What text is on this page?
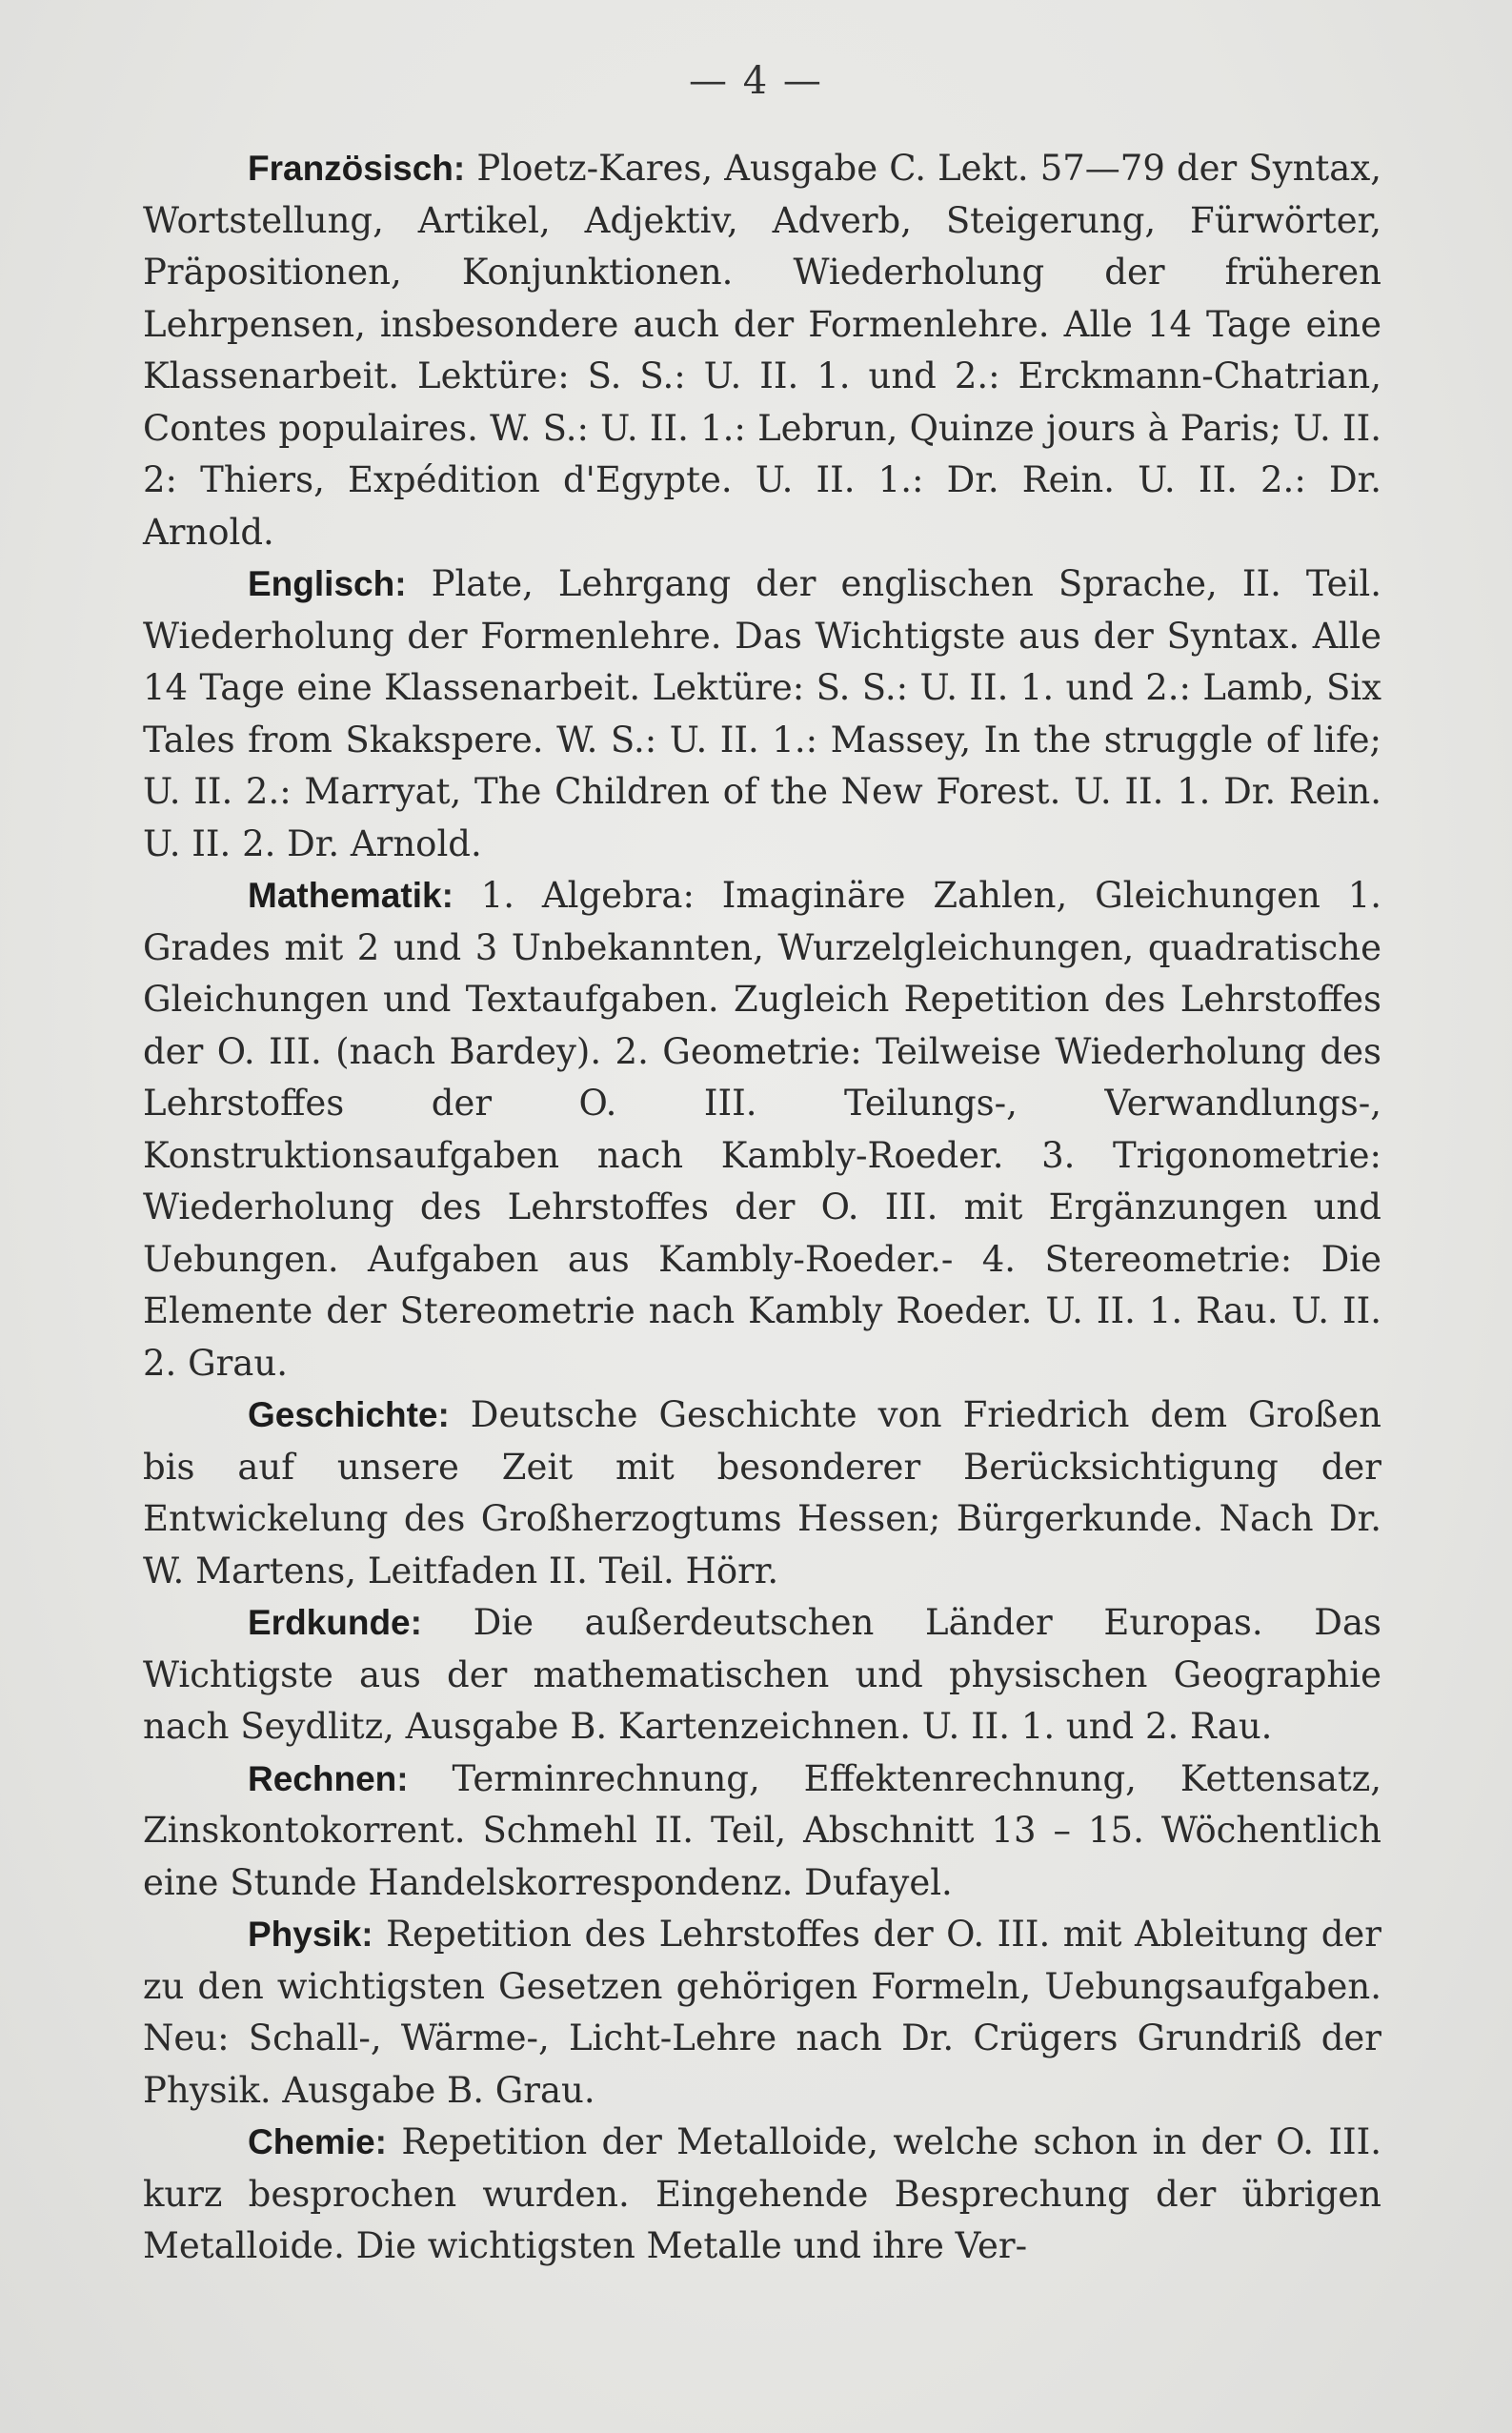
— 4 —

Französisch: Ploetz-Kares, Ausgabe C. Lekt. 57—79 der Syntax, Wortstellung, Artikel, Adjektiv, Adverb, Steigerung, Fürwörter, Präpositionen, Konjunktionen. Wiederholung der früheren Lehrpensen, insbesondere auch der Formenlehre. Alle 14 Tage eine Klassenarbeit. Lektüre: S. S.: U. II. 1. und 2.: Erckmann-Chatrian, Contes populaires. W. S.: U. II. 1.: Lebrun, Quinze jours à Paris; U. II. 2: Thiers, Expédition d'Egypte. U. II. 1.: Dr. Rein. U. II. 2.: Dr. Arnold.

Englisch: Plate, Lehrgang der englischen Sprache, II. Teil. Wiederholung der Formenlehre. Das Wichtigste aus der Syntax. Alle 14 Tage eine Klassenarbeit. Lektüre: S. S.: U. II. 1. und 2.: Lamb, Six Tales from Skakspere. W. S.: U. II. 1.: Massey, In the struggle of life; U. II. 2.: Marryat, The Children of the New Forest. U. II. 1. Dr. Rein. U. II. 2. Dr. Arnold.

Mathematik: 1. Algebra: Imaginäre Zahlen, Gleichungen 1. Grades mit 2 und 3 Unbekannten, Wurzelgleichungen, quadratische Gleichungen und Textaufgaben. Zugleich Repetition des Lehrstoffes der O. III. (nach Bardey). 2. Geometrie: Teilweise Wiederholung des Lehrstoffes der O. III. Teilungs-, Verwandlungs-, Konstruktionsaufgaben nach Kambly-Roeder. 3. Trigonometrie: Wiederholung des Lehrstoffes der O. III. mit Ergänzungen und Uebungen. Aufgaben aus Kambly-Roeder.- 4. Stereometrie: Die Elemente der Stereometrie nach Kambly Roeder. U. II. 1. Rau. U. II. 2. Grau.

Geschichte: Deutsche Geschichte von Friedrich dem Großen bis auf unsere Zeit mit besonderer Berücksichtigung der Entwickelung des Großherzogtums Hessen; Bürgerkunde. Nach Dr. W. Martens, Leitfaden II. Teil. Hörr.

Erdkunde: Die außerdeutschen Länder Europas. Das Wichtigste aus der mathematischen und physischen Geographie nach Seydlitz, Ausgabe B. Kartenzeichnen. U. II. 1. und 2. Rau.

Rechnen: Terminrechnung, Effektenrechnung, Kettensatz, Zinskontokorrent. Schmehl II. Teil, Abschnitt 13 – 15. Wöchentlich eine Stunde Handelskorrespondenz. Dufayel.

Physik: Repetition des Lehrstoffes der O. III. mit Ableitung der zu den wichtigsten Gesetzen gehörigen Formeln, Uebungsaufgaben. Neu: Schall-, Wärme-, Licht-Lehre nach Dr. Crügers Grundriß der Physik. Ausgabe B. Grau.

Chemie: Repetition der Metalloide, welche schon in der O. III. kurz besprochen wurden. Eingehende Besprechung der übrigen Metalloide. Die wichtigsten Metalle und ihre Ver-
